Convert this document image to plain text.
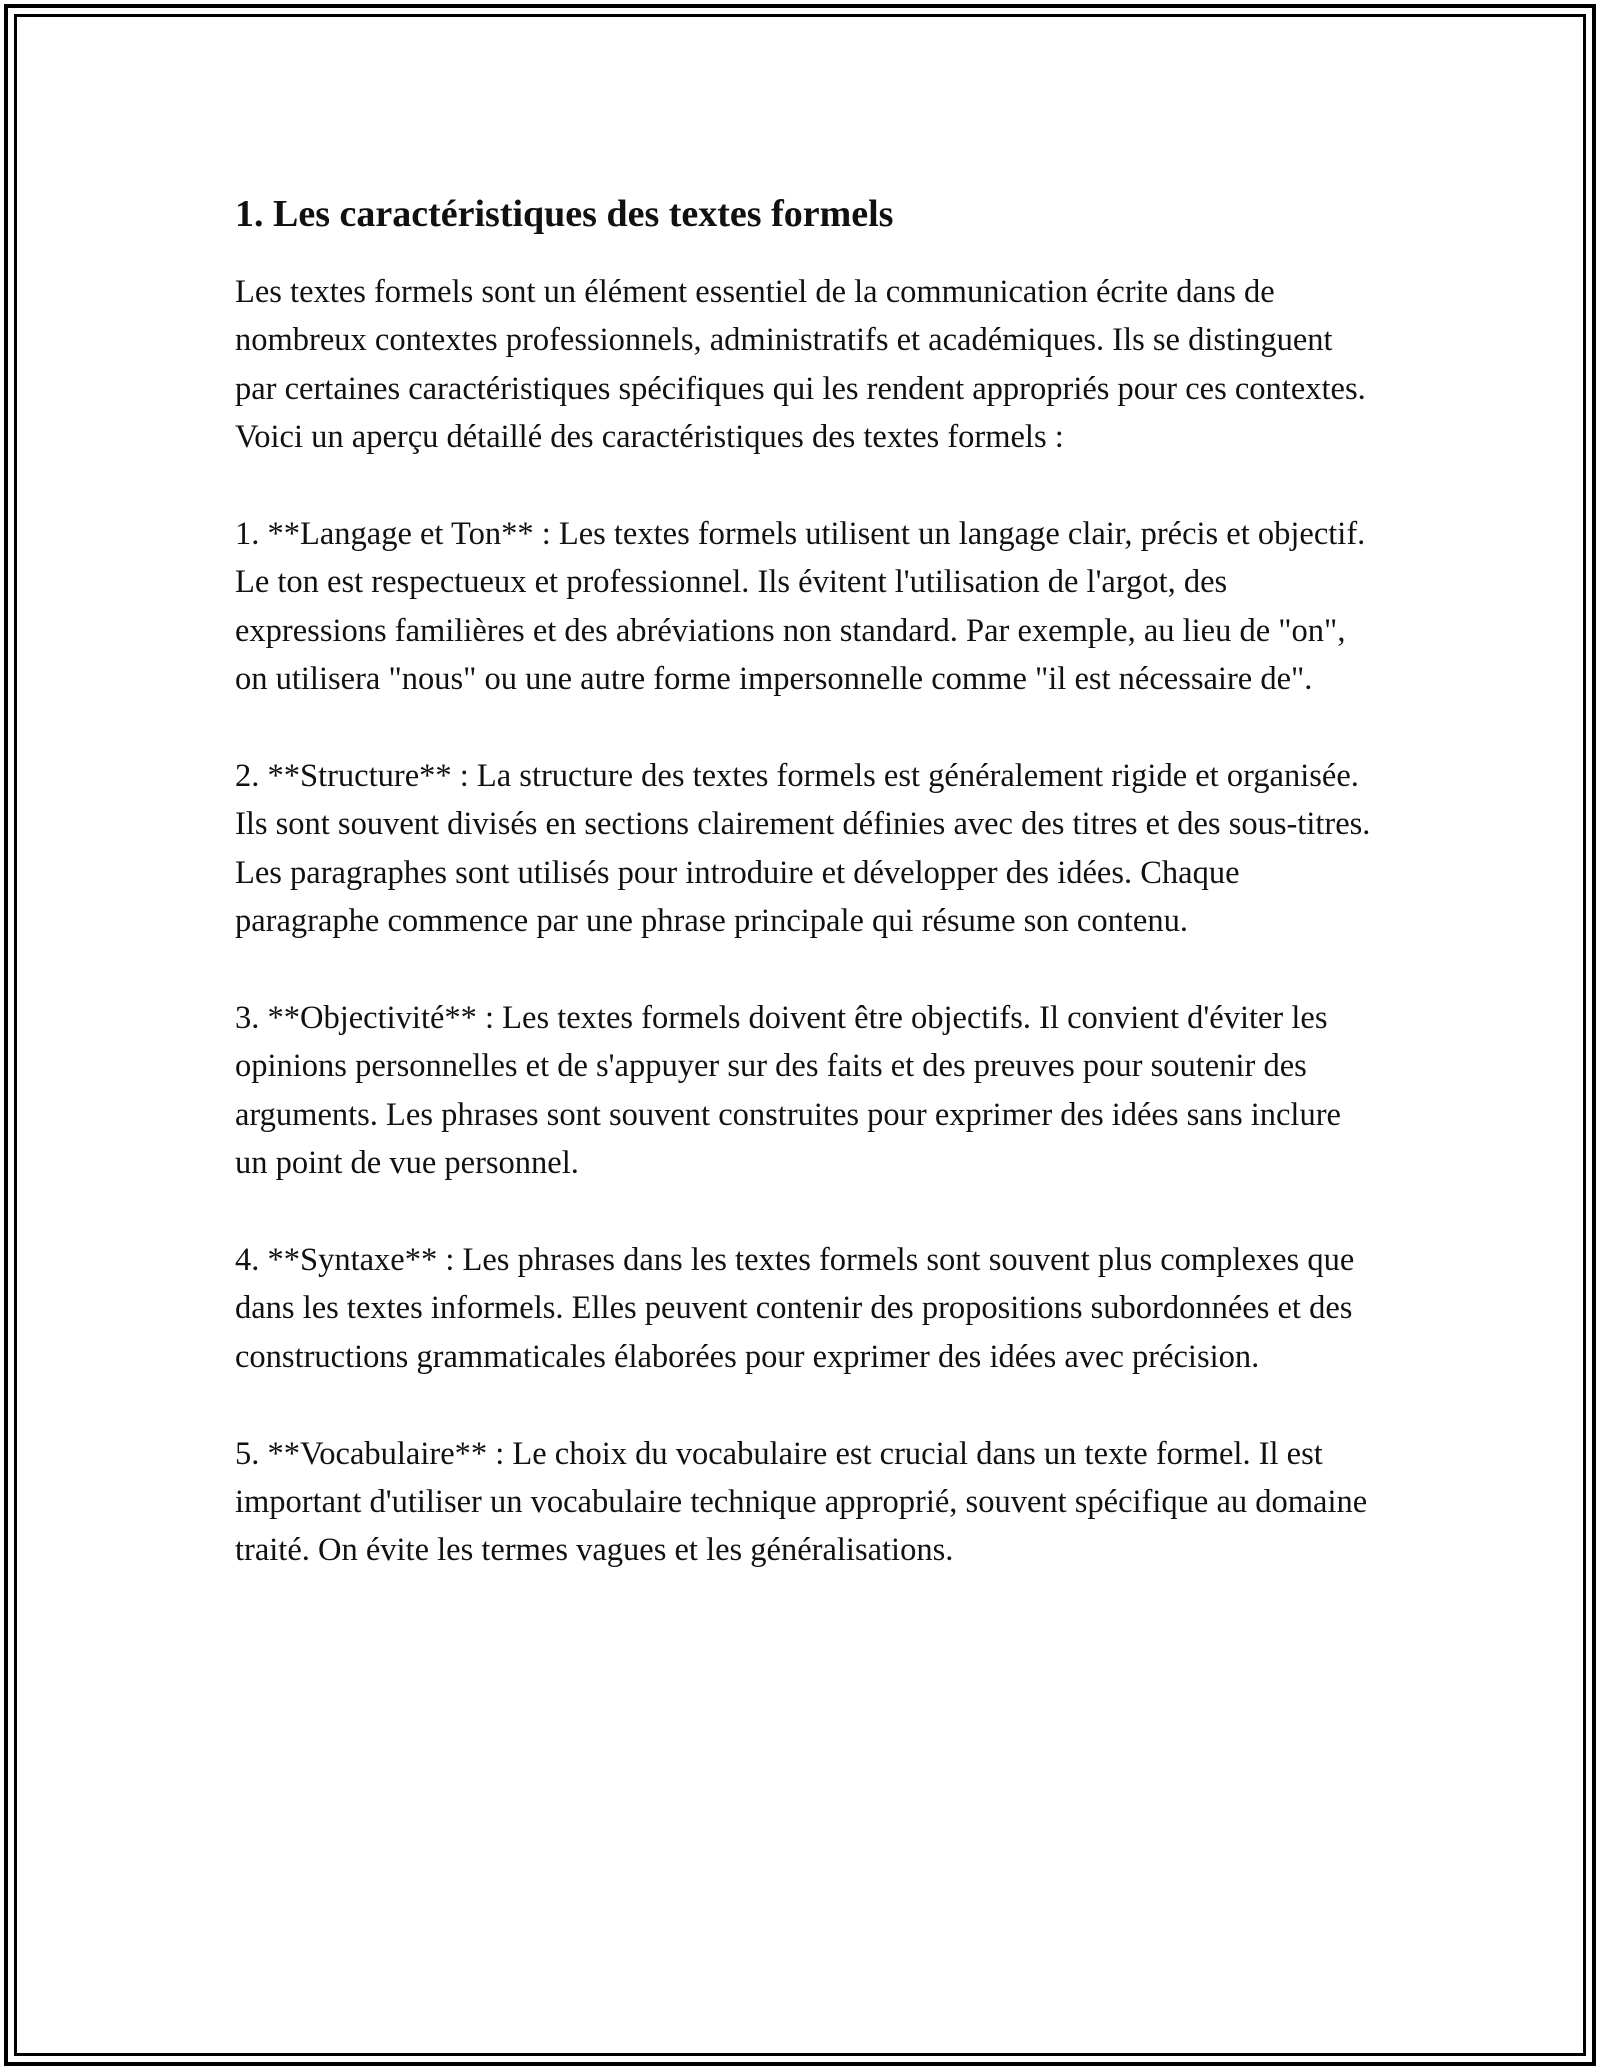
1. Les caractéristiques des textes formels

Les textes formels sont un élément essentiel de la communication écrite dans de nombreux contextes professionnels, administratifs et académiques. Ils se distinguent par certaines caractéristiques spécifiques qui les rendent appropriés pour ces contextes. Voici un aperçu détaillé des caractéristiques des textes formels :

1. **Langage et Ton** : Les textes formels utilisent un langage clair, précis et objectif. Le ton est respectueux et professionnel. Ils évitent l'utilisation de l'argot, des expressions familières et des abréviations non standard. Par exemple, au lieu de "on", on utilisera "nous" ou une autre forme impersonnelle comme "il est nécessaire de".

2. **Structure** : La structure des textes formels est généralement rigide et organisée. Ils sont souvent divisés en sections clairement définies avec des titres et des sous-titres. Les paragraphes sont utilisés pour introduire et développer des idées. Chaque paragraphe commence par une phrase principale qui résume son contenu.

3. **Objectivité** : Les textes formels doivent être objectifs. Il convient d'éviter les opinions personnelles et de s'appuyer sur des faits et des preuves pour soutenir des arguments. Les phrases sont souvent construites pour exprimer des idées sans inclure un point de vue personnel.

4. **Syntaxe** : Les phrases dans les textes formels sont souvent plus complexes que dans les textes informels. Elles peuvent contenir des propositions subordonnées et des constructions grammaticales élaborées pour exprimer des idées avec précision.

5. **Vocabulaire** : Le choix du vocabulaire est crucial dans un texte formel. Il est important d'utiliser un vocabulaire technique approprié, souvent spécifique au domaine traité. On évite les termes vagues et les généralisations.
